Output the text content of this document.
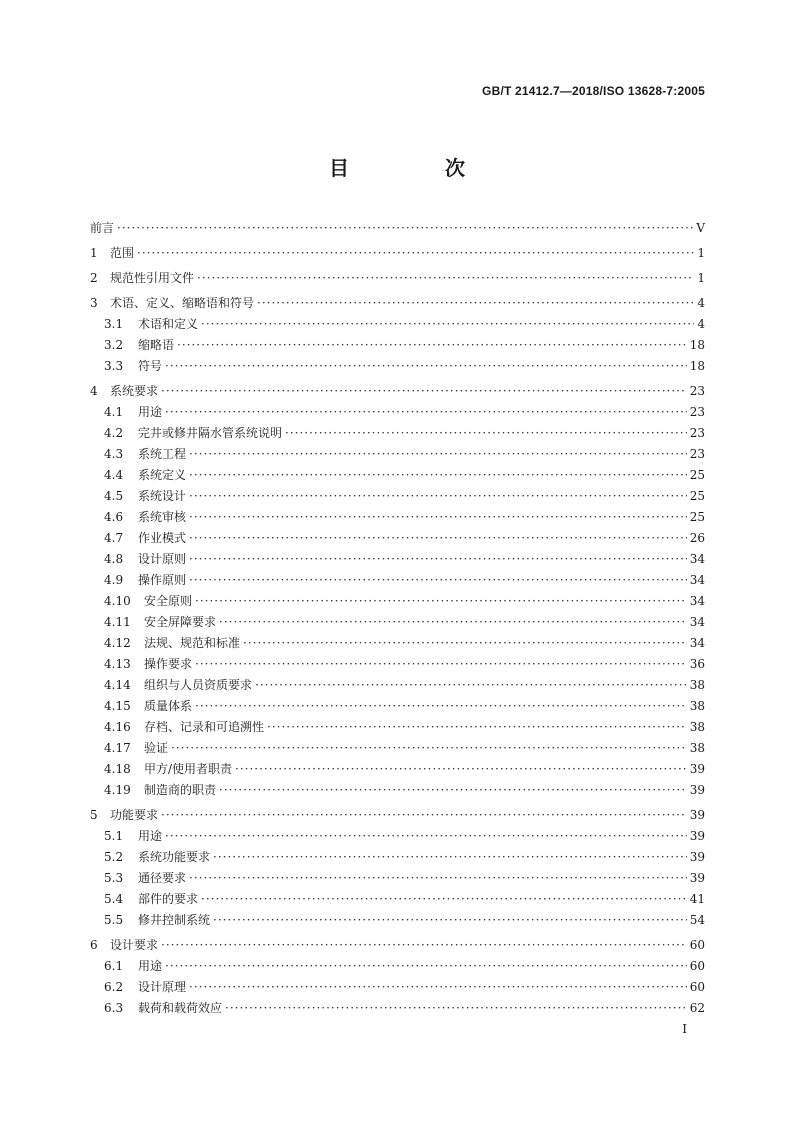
GB/T 21412.7—2018/ISO 13628-7:2005
目　次
前言 ·····	V
1	范围 ·····	1
2	规范性引用文件 ·····	1
3	术语、定义、缩略语和符号 ·····	4
3.1	术语和定义 ·····	4
3.2	缩略语 ·····	18
3.3	符号 ·····	18
4	系统要求 ·····	23
4.1	用途 ·····	23
4.2	完井或修井隔水管系统说明 ·····	23
4.3	系统工程 ·····	23
4.4	系统定义 ·····	25
4.5	系统设计 ·····	25
4.6	系统审核 ·····	25
4.7	作业模式 ·····	26
4.8	设计原则 ·····	34
4.9	操作原则 ·····	34
4.10	安全原则 ·····	34
4.11	安全屏障要求 ·····	34
4.12	法规、规范和标准 ·····	34
4.13	操作要求 ·····	36
4.14	组织与人员资质要求 ·····	38
4.15	质量体系 ·····	38
4.16	存档、记录和可追溯性 ·····	38
4.17	验证 ·····	38
4.18	甲方/使用者职责 ·····	39
4.19	制造商的职责 ·····	39
5	功能要求 ·····	39
5.1	用途 ·····	39
5.2	系统功能要求 ·····	39
5.3	通径要求 ·····	39
5.4	部件的要求 ·····	41
5.5	修井控制系统 ·····	54
6	设计要求 ·····	60
6.1	用途 ·····	60
6.2	设计原理 ·····	60
6.3	载荷和载荷效应 ·····	62
I
